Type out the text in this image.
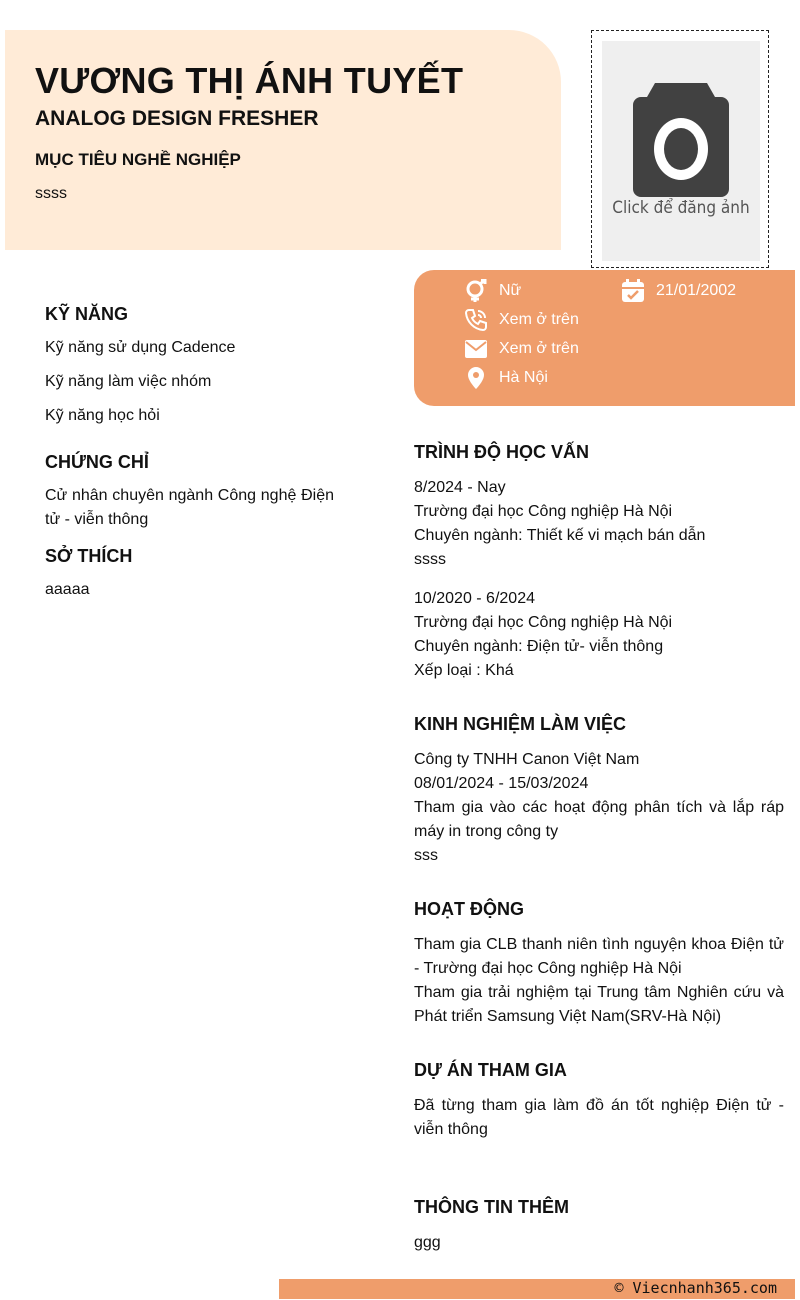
VƯƠNG THỊ ÁNH TUYẾT
ANALOG DESIGN FRESHER
MỤC TIÊU NGHỀ NGHIỆP

ssss

Click để đăng ảnh
Nữ	21/01/2002
Xem ở trên
Xem ở trên
Hà Nội
KỸ NĂNG

Kỹ năng sử dụng Cadence

Kỹ năng làm việc nhóm

Kỹ năng học hỏi

CHỨNG CHỈ

Cử nhân chuyên ngành Công nghệ Điện tử - viễn thông

SỞ THÍCH

aaaaa

TRÌNH ĐỘ HỌC VẤN

8/2024 - Nay

Trường đại học Công nghiệp Hà Nội

Chuyên ngành: Thiết kế vi mạch bán dẫn

ssss

10/2020 - 6/2024

Trường đại học Công nghiệp Hà Nội

Chuyên ngành: Điện tử- viễn thông

Xếp loại : Khá

KINH NGHIỆM LÀM VIỆC

Công ty TNHH Canon Việt Nam

08/01/2024 - 15/03/2024

Tham gia vào các hoạt động phân tích và lắp ráp máy in trong công ty

sss

HOẠT ĐỘNG

Tham gia CLB thanh niên tình nguyện khoa Điện tử - Trường đại học Công nghiệp Hà Nội

Tham gia trải nghiệm tại Trung tâm Nghiên cứu và Phát triển Samsung Việt Nam(SRV-Hà Nội)

DỰ ÁN THAM GIA

Đã từng tham gia làm đồ án tốt nghiệp Điện tử - viễn thông

THÔNG TIN THÊM

ggg

© Viecnhanh365.com
